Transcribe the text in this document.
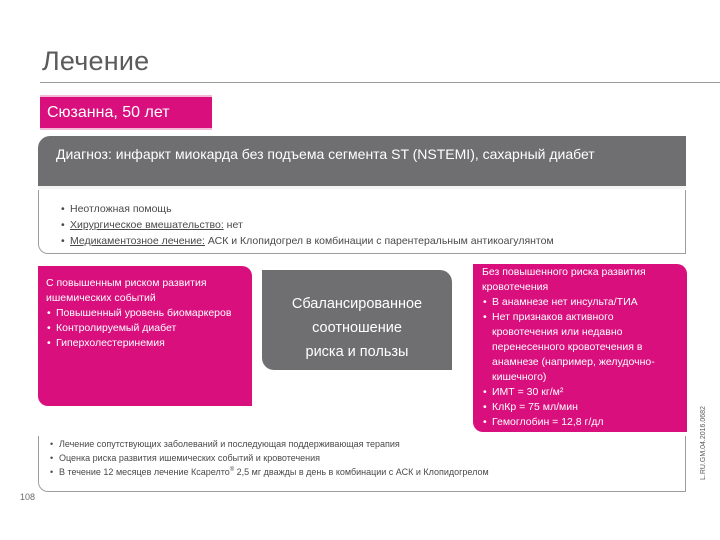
Лечение
Сюзанна, 50 лет
Диагноз: инфаркт миокарда без подъема сегмента ST (NSTEMI), сахарный диабет
• Неотложная помощь
• Хирургическое вмешательство: нет
• Медикаментозное лечение: АСК и Клопидогрел в комбинации с парентеральным антикоагулянтом
С повышенным риском развития ишемических событий
• Повышенный уровень биомаркеров
• Контролируемый диабет
• Гиперхолестеринемия
Сбалансированное
соотношение
риска и пользы
Без повышенного риска развития кровотечения
• В анамнезе нет инсульта/ТИА
• Нет признаков активного кровотечения или недавно перенесенного кровотечения в анамнезе (например, желудочно-кишечного)
• ИМТ = 30 кг/м²
• КлКр = 75 мл/мин
• Гемоглобин = 12,8 г/дл
• Лечение сопутствующих заболеваний и последующая поддерживающая терапия
• Оценка риска развития ишемических событий и кровотечения
• В течение 12 месяцев лечение Ксарелто® 2,5 мг дважды в день в комбинации с АСК и Клопидогрелом
108
L.RU.GM.04.2016.0682
